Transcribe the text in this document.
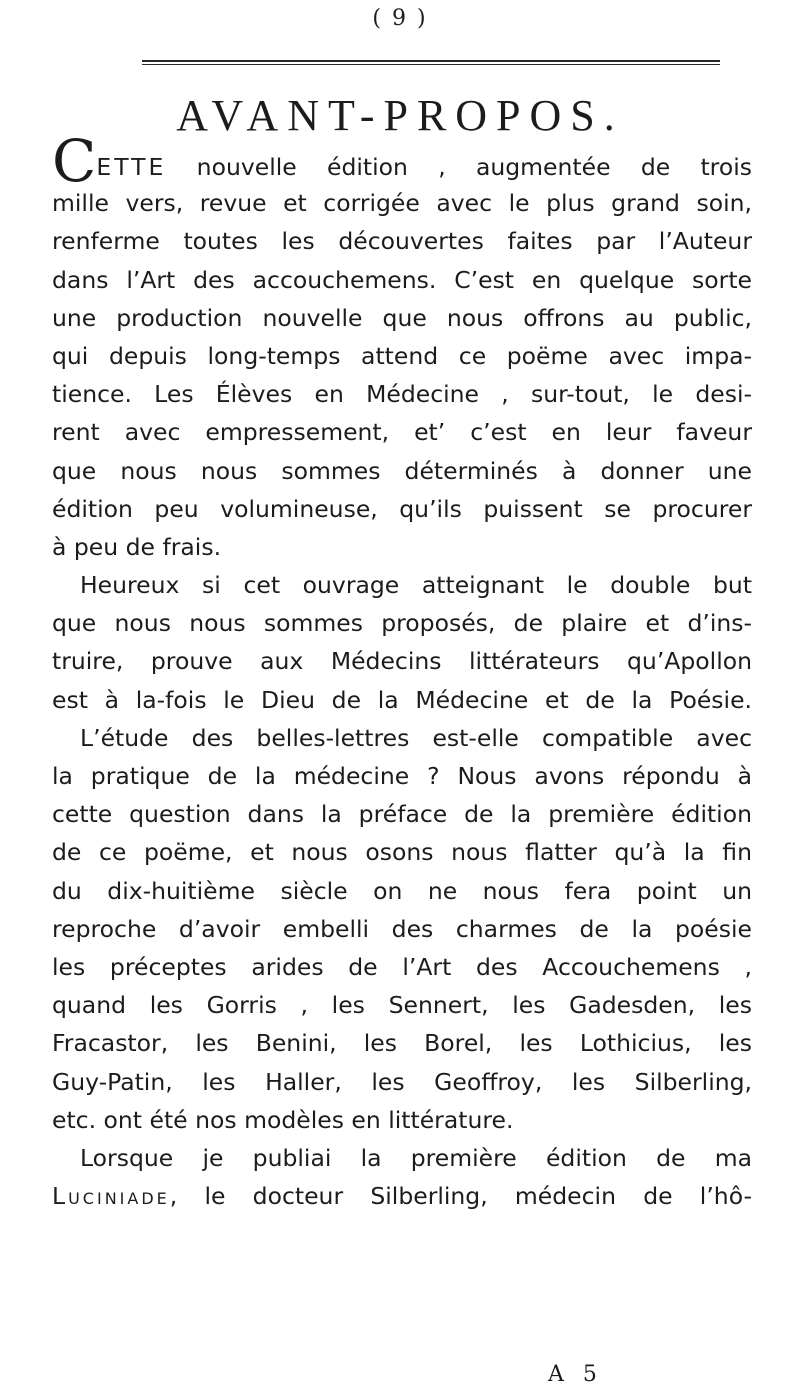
( 9 )
AVANT-PROPOS.
CETTE nouvelle édition , augmentée de trois
mille vers, revue et corrigée avec le plus grand soin,
renferme toutes les découvertes faites par l’Auteur
dans l’Art des accouchemens. C’est en quelque sorte
une production nouvelle que nous offrons au public,
qui depuis long-temps attend ce poëme avec impa-
tience. Les Élèves en Médecine , sur-tout, le desi-
rent avec empressement, et’ c’est en leur faveur
que nous nous sommes déterminés à donner une
édition peu volumineuse, qu’ils puissent se procurer
à peu de frais.
Heureux si cet ouvrage atteignant le double but
que nous nous sommes proposés, de plaire et d’ins-
truire, prouve aux Médecins littérateurs qu’Apollon
est à la-fois le Dieu de la Médecine et de la Poésie.
L’étude des belles-lettres est-elle compatible avec
la pratique de la médecine ? Nous avons répondu à
cette question dans la préface de la première édition
de ce poëme, et nous osons nous flatter qu’à la fin
du dix-huitième siècle on ne nous fera point un
reproche d’avoir embelli des charmes de la poésie
les préceptes arides de l’Art des Accouchemens ,
quand les Gorris , les Sennert, les Gadesden, les
Fracastor, les Benini, les Borel, les Lothicius, les
Guy-Patin, les Haller, les Geoffroy, les Silberling,
etc. ont été nos modèles en littérature.
Lorsque je publiai la première édition de ma
Luciniade, le docteur Silberling, médecin de l’hô-
A 5
